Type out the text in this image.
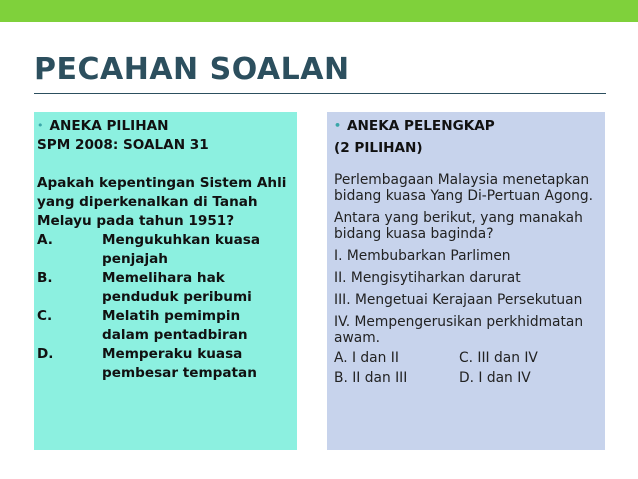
PECAHAN SOALAN
• ANEKA PILIHAN
SPM 2008: SOALAN 31
Apakah kepentingan Sistem Ahli yang diperkenalkan di Tanah Melayu pada tahun 1951?
A.	Mengukuhkan kuasa penjajah
B.	Memelihara hak penduduk peribumi
C.	Melatih pemimpin dalam pentadbiran
D.	Memperaku kuasa pembesar tempatan
• ANEKA PELENGKAP
(2 PILIHAN)
Perlembagaan Malaysia menetapkan bidang kuasa Yang Di-Pertuan Agong.
Antara yang berikut, yang manakah bidang kuasa baginda?
I. Membubarkan Parlimen
II. Mengisytiharkan darurat
III. Mengetuai Kerajaan Persekutuan
IV. Mempengerusikan perkhidmatan awam.
A. I dan II	C. III dan IV
B. II dan III	D. I dan IV
